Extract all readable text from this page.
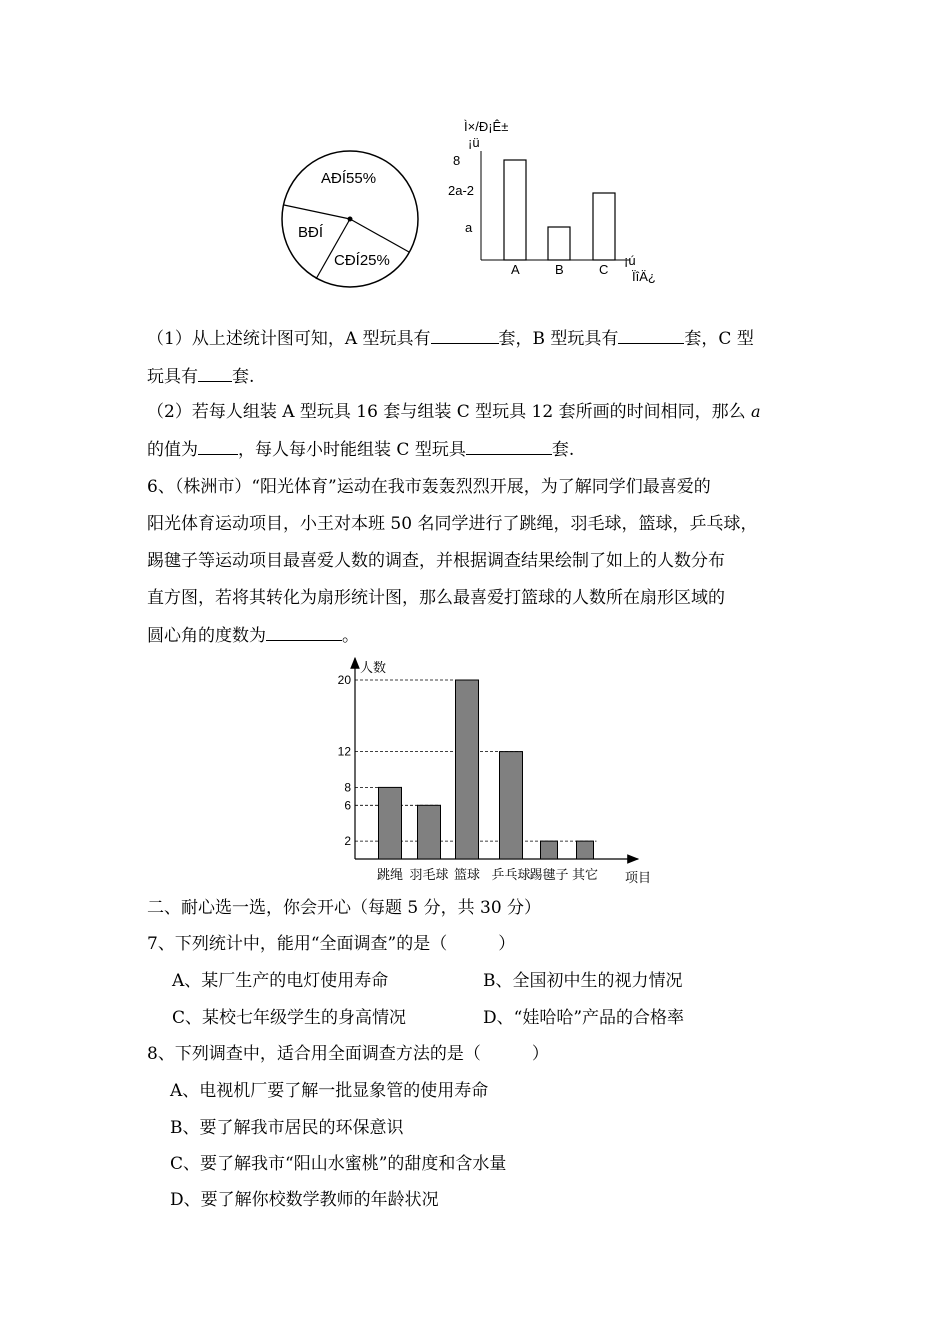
AÐÍ55%
BÐÍ
CÐÍ25%
Ì×/Ð¡Ê±
¡ü
8
2a-2
a
A	B	C
¡ú
ÏîÄ¿
（1）从上述统计图可知，A 型玩具有	套，B 型玩具有	套，C 型
玩具有 套.
（2）若每人组装 A 型玩具 16 套与组装 C 型玩具 12 套所画的时间相同，那么 a
的值为 ，每人每小时能组装 C 型玩具	套.
6、（株洲市）“阳光体育”运动在我市轰轰烈烈开展，为了解同学们最喜爱的
阳光体育运动项目，小王对本班 50 名同学进行了跳绳，羽毛球，篮球，乒乓球，
踢毽子等运动项目最喜爱人数的调查，并根据调查结果绘制了如上的人数分布
直方图，若将其转化为扇形统计图，那么最喜爱打篮球的人数所在扇形区域的
圆心角的度数为	。
人数
项目
20
12
8
6
2
跳绳 羽毛球 篮球 乒乓球
踢毽子 其它
二、耐心选一选，你会开心（每题 5 分，共 30 分）
7、下列统计中，能用“全面调查”的是（　　　）
A、某厂生产的电灯使用寿命	B、全国初中生的视力情况
C、某校七年级学生的身高情况	D、“娃哈哈”产品的合格率
8、下列调查中，适合用全面调查方法的是（　　　）
A、电视机厂要了解一批显象管的使用寿命
B、要了解我市居民的环保意识
C、要了解我市“阳山水蜜桃”的甜度和含水量
D、要了解你校数学教师的年龄状况
